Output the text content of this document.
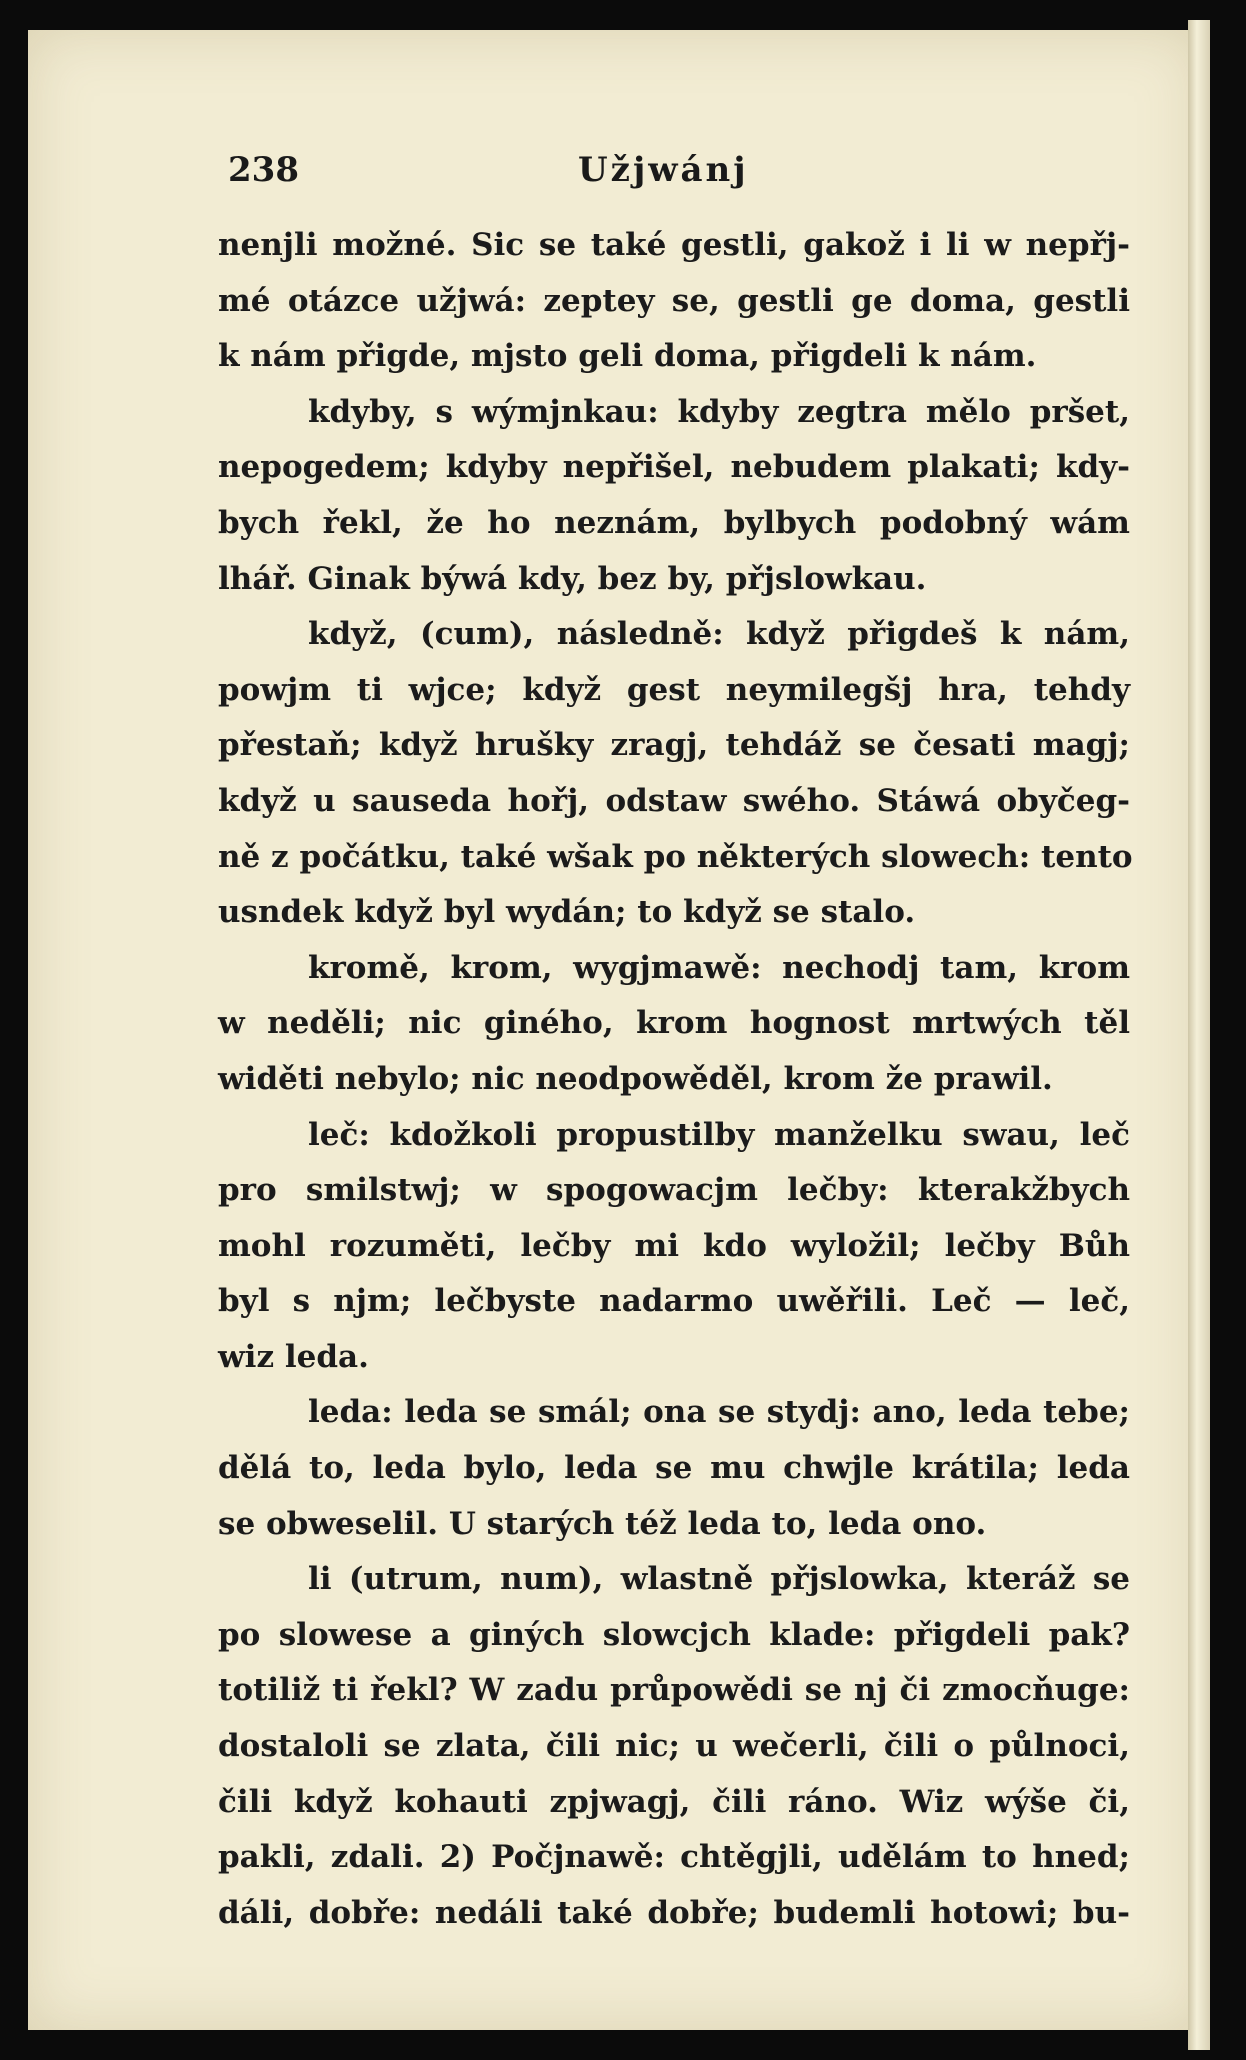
238	Užjwánj
nenjli možné. Sic se také gestli, gakož i li w nepřj-
mé otázce užjwá: zeptey se, gestli ge doma, gestli
k nám přigde, mjsto geli doma, přigdeli k nám.
kdyby, s wýmjnkau: kdyby zegtra mělo pršet,
nepogedem; kdyby nepřišel, nebudem plakati; kdy-
bych řekl, že ho neznám, bylbych podobný wám
lhář. Ginak býwá kdy, bez by, přjslowkau.
když, (cum), následně: když přigdeš k nám,
powjm ti wjce; když gest neymilegšj hra, tehdy
přestaň; když hrušky zragj, tehdáž se česati magj;
když u sauseda hořj, odstaw swého. Stáwá obyčeg-
ně z počátku, také wšak po některých slowech: tento
usndek když byl wydán; to když se stalo.
kromě, krom, wygjmawě: nechodj tam, krom
w neděli; nic giného, krom hognost mrtwých těl
widěti nebylo; nic neodpowěděl, krom že prawil.
leč: kdožkoli propustilby manželku swau, leč
pro smilstwj; w spogowacjm lečby: kterakžbych
mohl rozuměti, lečby mi kdo wyložil; lečby Bůh
byl s njm; lečbyste nadarmo uwěřili. Leč — leč,
wiz leda.
leda: leda se smál; ona se stydj: ano, leda tebe;
dělá to, leda bylo, leda se mu chwjle krátila; leda
se obweselil. U starých též leda to, leda ono.
li (utrum, num), wlastně přjslowka, kteráž se
po slowese a giných slowcjch klade: přigdeli pak?
totiliž ti řekl? W zadu průpowědi se nj či zmocňuge:
dostaloli se zlata, čili nic; u wečerli, čili o půlnoci,
čili když kohauti zpjwagj, čili ráno. Wiz wýše či,
pakli, zdali. 2) Počjnawě: chtěgjli, udělám to hned;
dáli, dobře: nedáli také dobře; budemli hotowi; bu-
